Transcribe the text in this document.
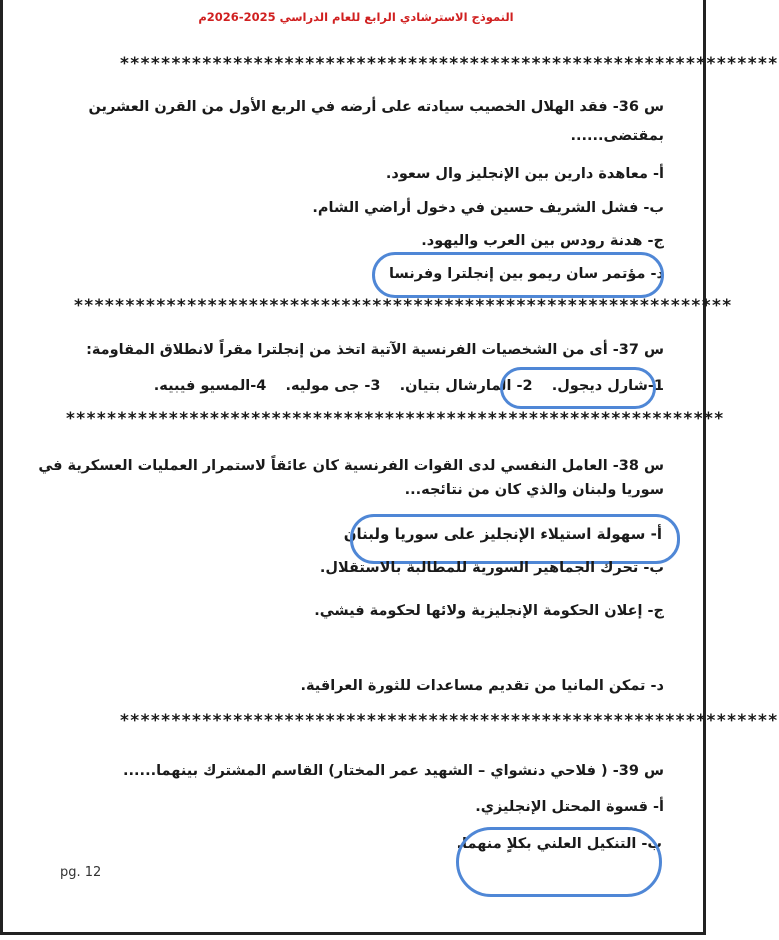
النموذج الاسترشادي الرابع للعام الدراسي 2025-2026م
****************************************************************
س 36- فقد الهلال الخصيب سيادته على أرضه في الربع الأول من القرن العشرين
بمقتضى......
أ- معاهدة دارين بين الإنجليز وال سعود.
ب- فشل الشريف حسين في دخول أراضي الشام.
ج- هدنة رودس بين العرب واليهود.
د- مؤتمر سان ريمو بين إنجلترا وفرنسا
****************************************************************
س 37- أى من الشخصيات الفرنسية الآتية اتخذ من إنجلترا مقراً لانطلاق المقاومة:
1-شارل ديجول. 2- المارشال بتيان. 3- جى موليه. 4-المسيو فيبيه.
****************************************************************
س 38- العامل النفسي لدى القوات الفرنسية كان عائقاً لاستمرار العمليات العسكرية في
سوريا ولبنان والذي كان من نتائجه...
أ- سهولة استيلاء الإنجليز على سوريا ولبنان
ب- تحرك الجماهير السورية للمطالبة بالاستقلال.
ج- إعلان الحكومة الإنجليزية ولائها لحكومة فيشي.
د- تمكن المانيا من تقديم مساعدات للثورة العراقية.
****************************************************************
س 39- ( فلاحي دنشواي – الشهيد عمر المختار) القاسم المشترك بينهما......
أ- قسوة المحتل الإنجليزي.
ب- التنكيل العلني بكلاٍ منهما.
pg. 12
